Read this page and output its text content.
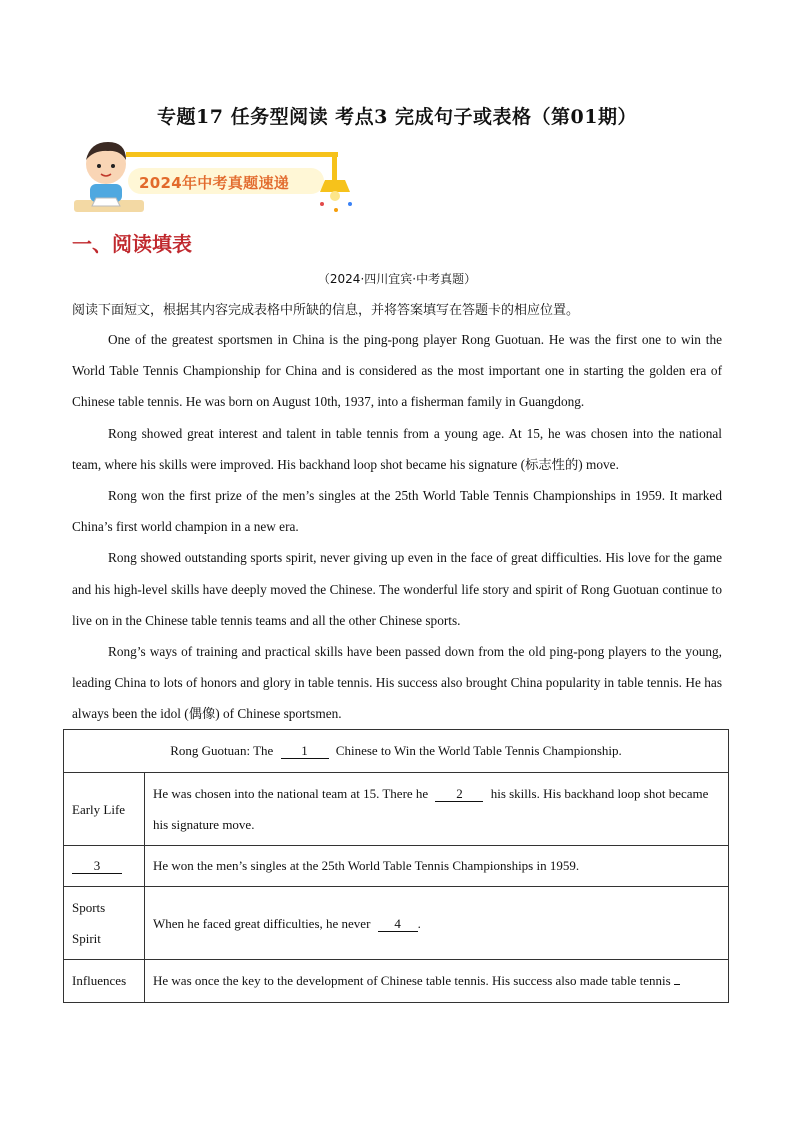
专题17 任务型阅读 考点3 完成句子或表格（第01期）
2024年中考真题速递
一、阅读填表
（2024·四川宜宾·中考真题）
阅读下面短文，根据其内容完成表格中所缺的信息，并将答案填写在答题卡的相应位置。

One of the greatest sportsmen in China is the ping-pong player Rong Guotuan. He was the first one to win the World Table Tennis Championship for China and is considered as the most important one in starting the golden era of Chinese table tennis. He was born on August 10th, 1937, into a fisherman family in Guangdong.

Rong showed great interest and talent in table tennis from a young age. At 15, he was chosen into the national team, where his skills were improved. His backhand loop shot became his signature (标志性的) move.

Rong won the first prize of the men’s singles at the 25th World Table Tennis Championships in 1959. It marked China’s first world champion in a new era.

Rong showed outstanding sports spirit, never giving up even in the face of great difficulties. His love for the game and his high-level skills have deeply moved the Chinese. The wonderful life story and spirit of Rong Guotuan continue to live on in the Chinese table tennis teams and all the other Chinese sports.

Rong’s ways of training and practical skills have been passed down from the old ping-pong players to the young, leading China to lots of honors and glory in table tennis. His success also brought China popularity in table tennis. He has always been the idol (偶像) of Chinese sportsmen.

Rong Guotuan: The 1 Chinese to Win the World Table Tennis Championship.	
Early Life	He was chosen into the national team at 15. There he 2 his skills. His backhand loop shot became his signature move.
3	He won the men’s singles at the 25th World Table Tennis Championships in 1959.
Sports Spirit	When he faced great difficulties, he never 4 .
Influences	He was once the key to the development of Chinese table tennis. His success also made table tennis
